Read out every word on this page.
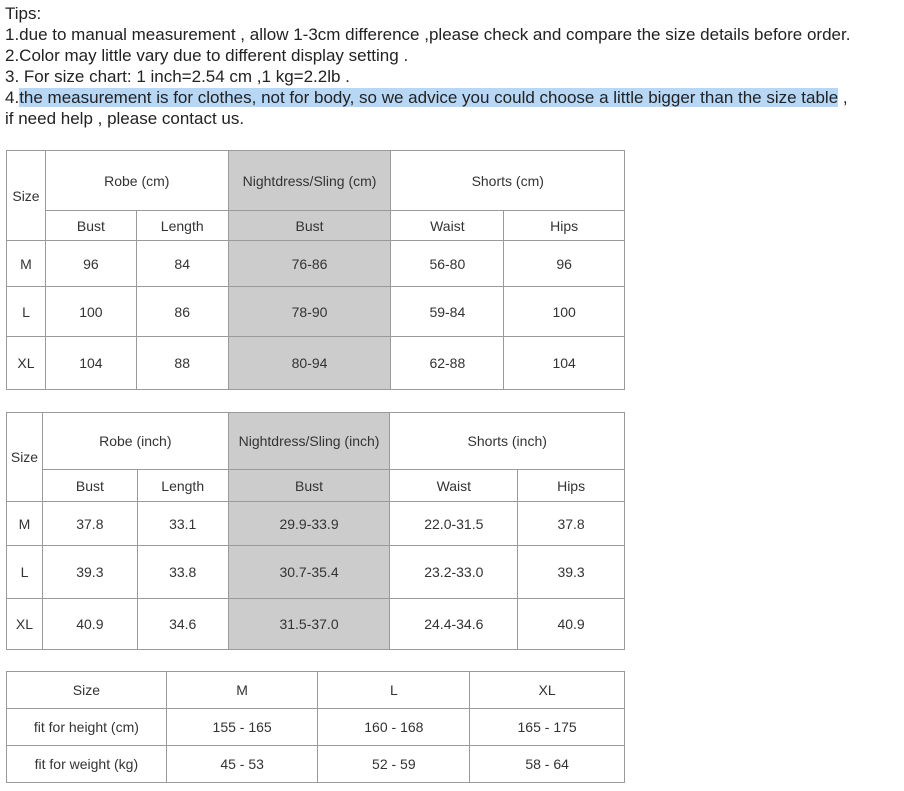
Tips:
1.due to manual measurement , allow 1-3cm difference ,please check and compare the size details before order.
2.Color may little vary due to different display setting .
3. For size chart: 1 inch=2.54 cm ,1 kg=2.2lb .
4.the measurement is for clothes, not for body, so we advice you could choose a little bigger than the size table ,
if need help , please contact us.
Size	Robe (cm)		Nightdress/Sling (cm)	Shorts (cm)	
	Bust	Length	Bust	Waist	Hips
M	96	84	76-86	56-80	96
L	100	86	78-90	59-84	100
XL	104	88	80-94	62-88	104
Size	Robe (inch)		Nightdress/Sling (inch)	Shorts (inch)	
	Bust	Length	Bust	Waist	Hips
M	37.8	33.1	29.9-33.9	22.0-31.5	37.8
L	39.3	33.8	30.7-35.4	23.2-33.0	39.3
XL	40.9	34.6	31.5-37.0	24.4-34.6	40.9
Size	M	L	XL
fit for height (cm)	155 - 165	160 - 168	165 - 175
fit for weight (kg)	45 - 53	52 - 59	58 - 64
